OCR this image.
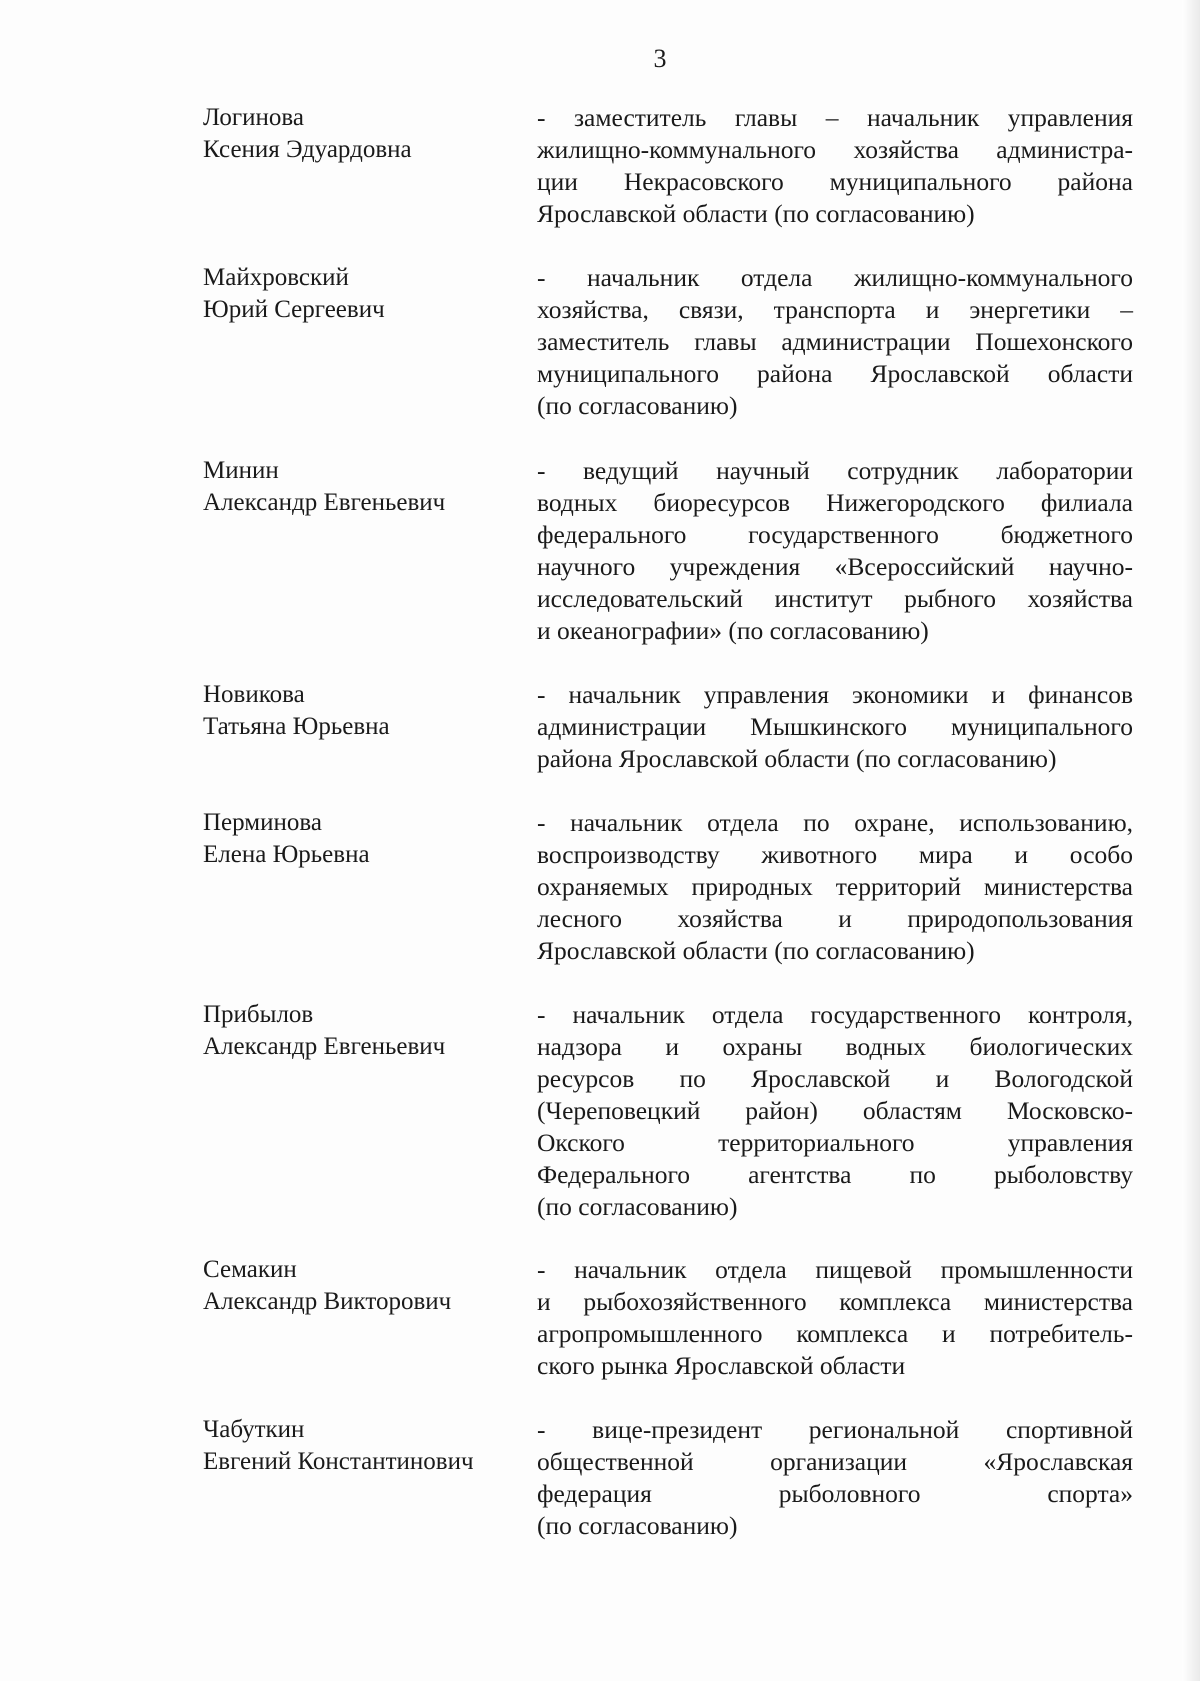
3
Логинова
Ксения Эдуардовна
- заместитель главы – начальник управления
жилищно-коммунального хозяйства администра-
ции Некрасовского муниципального района
Ярославской области (по согласованию)
Майхровский
Юрий Сергеевич
- начальник отдела жилищно-коммунального
хозяйства, связи, транспорта и энергетики –
заместитель главы администрации Пошехонского
муниципального района Ярославской области
(по согласованию)
Минин
Александр Евгеньевич
- ведущий научный сотрудник лаборатории
водных биоресурсов Нижегородского филиала
федерального государственного бюджетного
научного учреждения «Всероссийский научно-
исследовательский институт рыбного хозяйства
и океанографии» (по согласованию)
Новикова
Татьяна Юрьевна
- начальник управления экономики и финансов
администрации Мышкинского муниципального
района Ярославской области (по согласованию)
Перминова
Елена Юрьевна
- начальник отдела по охране, использованию,
воспроизводству животного мира и особо
охраняемых природных территорий министерства
лесного хозяйства и природопользования
Ярославской области (по согласованию)
Прибылов
Александр Евгеньевич
- начальник отдела государственного контроля,
надзора и охраны водных биологических
ресурсов по Ярославской и Вологодской
(Череповецкий район) областям Московско-
Окского территориального управления
Федерального агентства по рыболовству
(по согласованию)
Семакин
Александр Викторович
- начальник отдела пищевой промышленности
и рыбохозяйственного комплекса министерства
агропромышленного комплекса и потребитель-
ского рынка Ярославской области
Чабуткин
Евгений Константинович
- вице-президент региональной спортивной
общественной организации «Ярославская
федерация рыболовного спорта»
(по согласованию)
